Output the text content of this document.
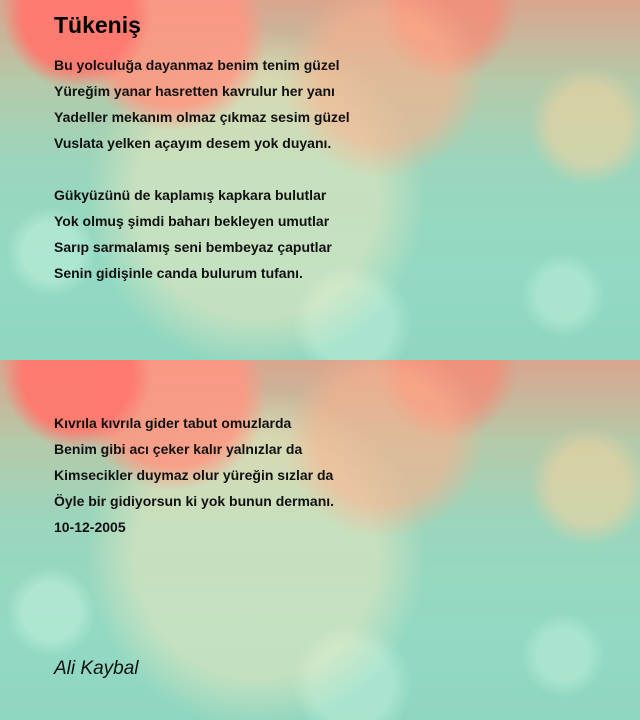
Tükeniş
Bu yolculuğa dayanmaz benim tenim güzel
Yüreğim yanar hasretten kavrulur her yanı
Yadeller mekanım olmaz çıkmaz sesim güzel
Vuslata yelken açayım desem yok duyanı.
Gükyüzünü de kaplamış kapkara bulutlar
Yok olmuş şimdi baharı bekleyen umutlar
Sarıp sarmalamış seni bembeyaz çaputlar
Senin gidişinle canda bulurum tufanı.
Kıvrıla kıvrıla gider tabut omuzlarda
Benim gibi acı çeker kalır yalnızlar da
Kimsecikler duymaz olur yüreğin sızlar da
Öyle bir gidiyorsun ki yok bunun dermanı.
10-12-2005

Ali Kaybal
